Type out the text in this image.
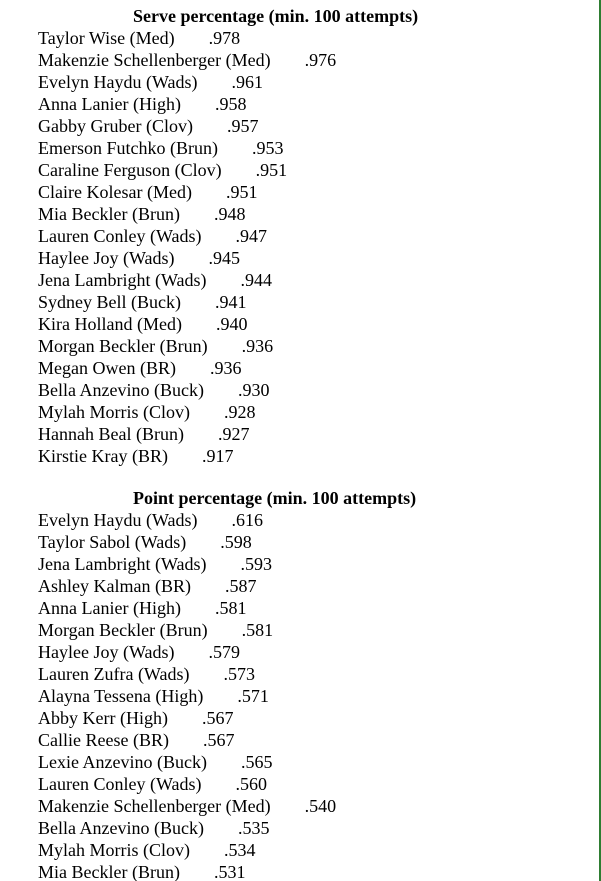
Serve percentage (min. 100 attempts)
Taylor Wise (Med) .978
Makenzie Schellenberger (Med) .976
Evelyn Haydu (Wads) .961
Anna Lanier (High) .958
Gabby Gruber (Clov) .957
Emerson Futchko (Brun) .953
Caraline Ferguson (Clov) .951
Claire Kolesar (Med) .951
Mia Beckler (Brun) .948
Lauren Conley (Wads) .947
Haylee Joy (Wads) .945
Jena Lambright (Wads) .944
Sydney Bell (Buck) .941
Kira Holland (Med) .940
Morgan Beckler (Brun) .936
Megan Owen (BR) .936
Bella Anzevino (Buck) .930
Mylah Morris (Clov) .928
Hannah Beal (Brun) .927
Kirstie Kray (BR) .917
Point percentage (min. 100 attempts)
Evelyn Haydu (Wads) .616
Taylor Sabol (Wads) .598
Jena Lambright (Wads) .593
Ashley Kalman (BR) .587
Anna Lanier (High) .581
Morgan Beckler (Brun) .581
Haylee Joy (Wads) .579
Lauren Zufra (Wads) .573
Alayna Tessena (High) .571
Abby Kerr (High) .567
Callie Reese (BR) .567
Lexie Anzevino (Buck) .565
Lauren Conley (Wads) .560
Makenzie Schellenberger (Med) .540
Bella Anzevino (Buck) .535
Mylah Morris (Clov) .534
Mia Beckler (Brun) .531
